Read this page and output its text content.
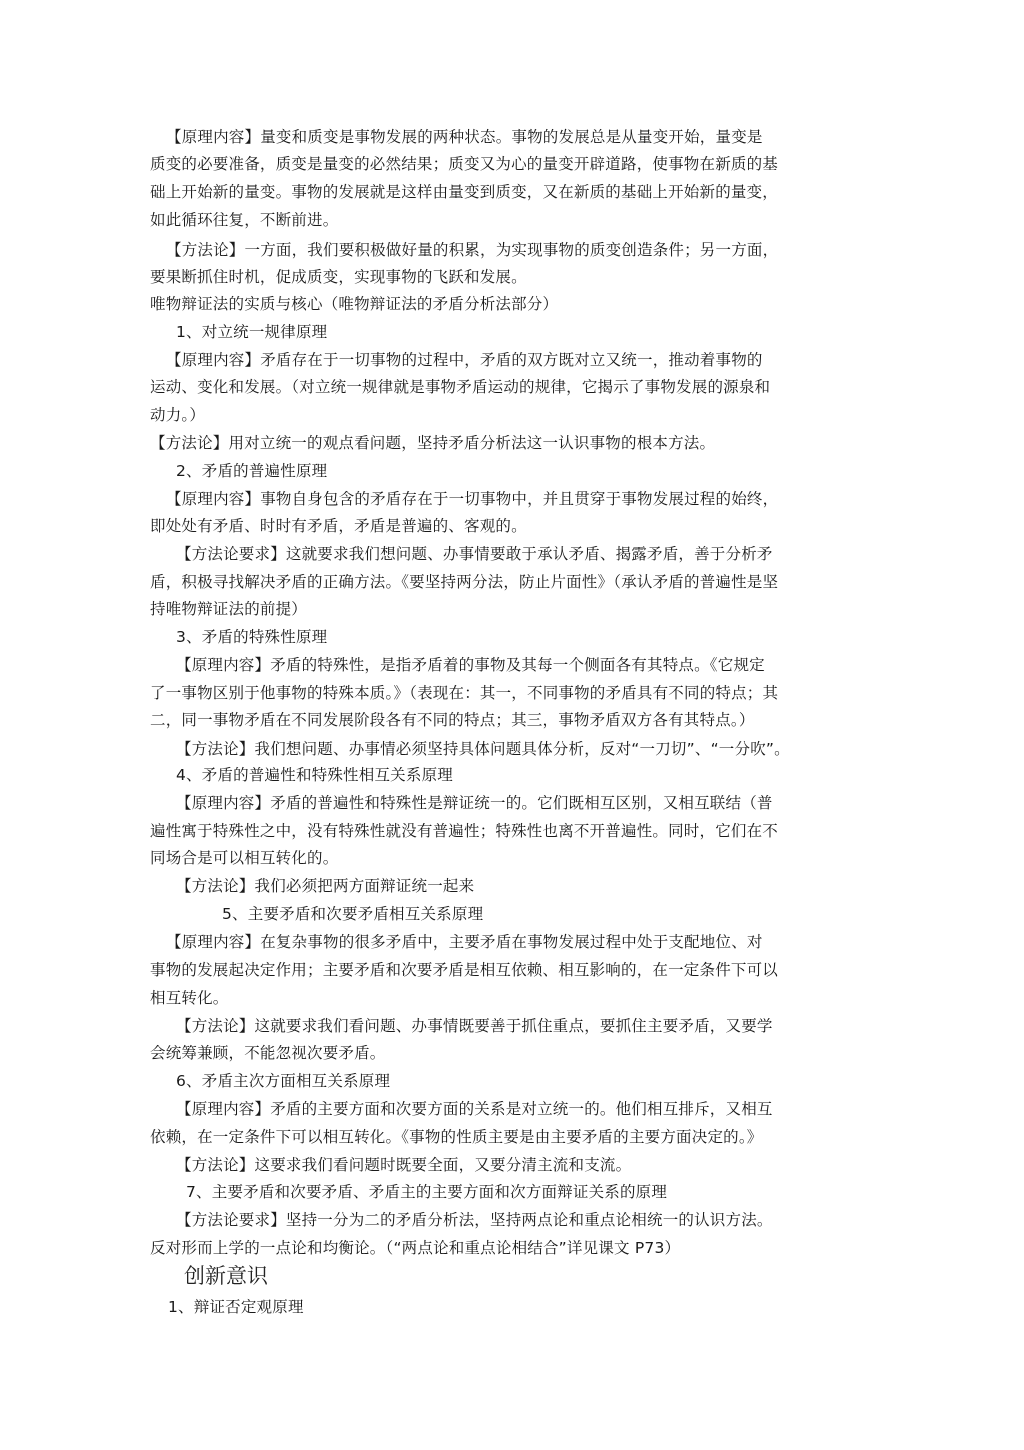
【原理内容】量变和质变是事物发展的两种状态。事物的发展总是从量变开始，量变是
质变的必要准备，质变是量变的必然结果；质变又为心的量变开辟道路，使事物在新质的基
础上开始新的量变。事物的发展就是这样由量变到质变，又在新质的基础上开始新的量变，
如此循环往复，不断前进。
【方法论】一方面，我们要积极做好量的积累，为实现事物的质变创造条件；另一方面，
要果断抓住时机，促成质变，实现事物的飞跃和发展。
唯物辩证法的实质与核心（唯物辩证法的矛盾分析法部分）
1、对立统一规律原理
【原理内容】矛盾存在于一切事物的过程中，矛盾的双方既对立又统一，推动着事物的
运动、变化和发展。（对立统一规律就是事物矛盾运动的规律，它揭示了事物发展的源泉和
动力。）
【方法论】用对立统一的观点看问题，坚持矛盾分析法这一认识事物的根本方法。
2、矛盾的普遍性原理
【原理内容】事物自身包含的矛盾存在于一切事物中，并且贯穿于事物发展过程的始终，
即处处有矛盾、时时有矛盾，矛盾是普遍的、客观的。
【方法论要求】这就要求我们想问题、办事情要敢于承认矛盾、揭露矛盾，善于分析矛
盾，积极寻找解决矛盾的正确方法。《要坚持两分法，防止片面性》（承认矛盾的普遍性是坚
持唯物辩证法的前提）
3、矛盾的特殊性原理
【原理内容】矛盾的特殊性，是指矛盾着的事物及其每一个侧面各有其特点。《它规定
了一事物区别于他事物的特殊本质。》（表现在：其一，不同事物的矛盾具有不同的特点；其
二，同一事物矛盾在不同发展阶段各有不同的特点；其三，事物矛盾双方各有其特点。）
【方法论】我们想问题、办事情必须坚持具体问题具体分析，反对“一刀切”、“一分吹”。
4、矛盾的普遍性和特殊性相互关系原理
【原理内容】矛盾的普遍性和特殊性是辩证统一的。它们既相互区别，又相互联结（普
遍性寓于特殊性之中，没有特殊性就没有普遍性；特殊性也离不开普遍性。同时，它们在不
同场合是可以相互转化的。
【方法论】我们必须把两方面辩证统一起来
5、主要矛盾和次要矛盾相互关系原理
【原理内容】在复杂事物的很多矛盾中，主要矛盾在事物发展过程中处于支配地位、对
事物的发展起决定作用；主要矛盾和次要矛盾是相互依赖、相互影响的，在一定条件下可以
相互转化。
【方法论】这就要求我们看问题、办事情既要善于抓住重点，要抓住主要矛盾，又要学
会统筹兼顾，不能忽视次要矛盾。
6、矛盾主次方面相互关系原理
【原理内容】矛盾的主要方面和次要方面的关系是对立统一的。他们相互排斥，又相互
依赖，在一定条件下可以相互转化。《事物的性质主要是由主要矛盾的主要方面决定的。》
【方法论】这要求我们看问题时既要全面，又要分清主流和支流。
7、主要矛盾和次要矛盾、矛盾主的主要方面和次方面辩证关系的原理
【方法论要求】坚持一分为二的矛盾分析法，坚持两点论和重点论相统一的认识方法。
反对形而上学的一点论和均衡论。（“两点论和重点论相结合”详见课文 P73）
创新意识
1、辩证否定观原理
